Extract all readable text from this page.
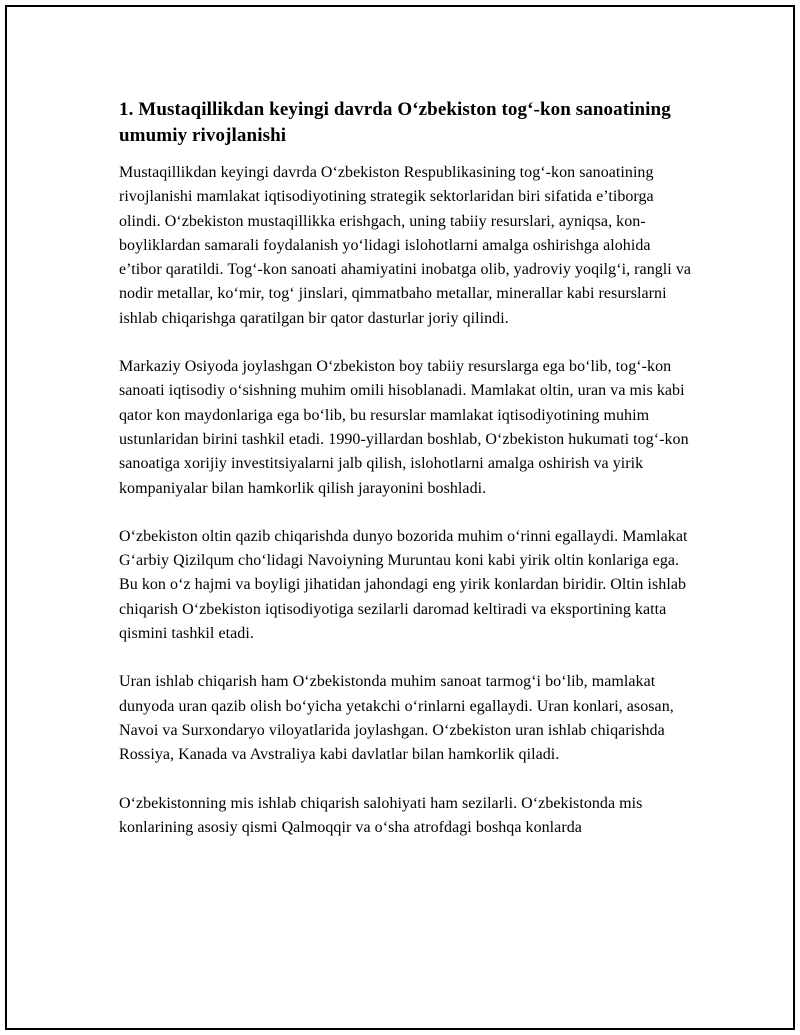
1. Mustaqillikdan keyingi davrda O‘zbekiston tog‘-kon sanoatining umumiy rivojlanishi

Mustaqillikdan keyingi davrda O‘zbekiston Respublikasining tog‘-kon sanoatining rivojlanishi mamlakat iqtisodiyotining strategik sektorlaridan biri sifatida e’tiborga olindi. O‘zbekiston mustaqillikka erishgach, uning tabiiy resurslari, ayniqsa, kon-boyliklardan samarali foydalanish yo‘lidagi islohotlarni amalga oshirishga alohida e’tibor qaratildi. Tog‘-kon sanoati ahamiyatini inobatga olib, yadroviy yoqilg‘i, rangli va nodir metallar, ko‘mir, tog‘ jinslari, qimmatbaho metallar, minerallar kabi resurslarni ishlab chiqarishga qaratilgan bir qator dasturlar joriy qilindi.

Markaziy Osiyoda joylashgan O‘zbekiston boy tabiiy resurslarga ega bo‘lib, tog‘-kon sanoati iqtisodiy o‘sishning muhim omili hisoblanadi. Mamlakat oltin, uran va mis kabi qator kon maydonlariga ega bo‘lib, bu resurslar mamlakat iqtisodiyotining muhim ustunlaridan birini tashkil etadi. 1990-yillardan boshlab, O‘zbekiston hukumati tog‘-kon sanoatiga xorijiy investitsiyalarni jalb qilish, islohotlarni amalga oshirish va yirik kompaniyalar bilan hamkorlik qilish jarayonini boshladi.

O‘zbekiston oltin qazib chiqarishda dunyo bozorida muhim o‘rinni egallaydi. Mamlakat G‘arbiy Qizilqum cho‘lidagi Navoiyning Muruntau koni kabi yirik oltin konlariga ega. Bu kon o‘z hajmi va boyligi jihatidan jahondagi eng yirik konlardan biridir. Oltin ishlab chiqarish O‘zbekiston iqtisodiyotiga sezilarli daromad keltiradi va eksportining katta qismini tashkil etadi.

Uran ishlab chiqarish ham O‘zbekistonda muhim sanoat tarmog‘i bo‘lib, mamlakat dunyoda uran qazib olish bo‘yicha yetakchi o‘rinlarni egallaydi. Uran konlari, asosan, Navoi va Surxondaryo viloyatlarida joylashgan. O‘zbekiston uran ishlab chiqarishda Rossiya, Kanada va Avstraliya kabi davlatlar bilan hamkorlik qiladi.

O‘zbekistonning mis ishlab chiqarish salohiyati ham sezilarli. O‘zbekistonda mis konlarining asosiy qismi Qalmoqqir va o‘sha atrofdagi boshqa konlarda
